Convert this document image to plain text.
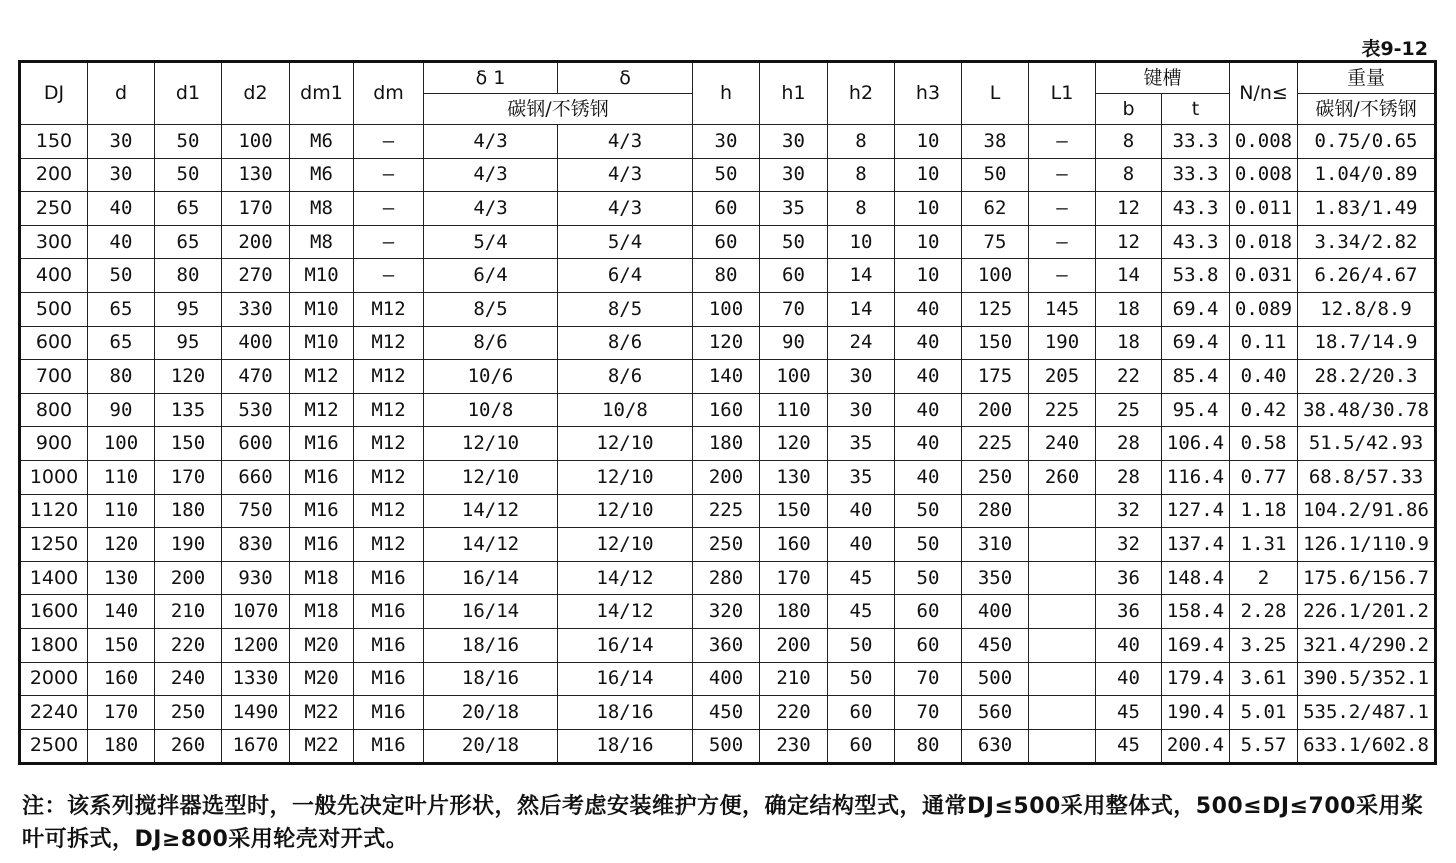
表9-12
DJ	d	d1	d2	dm1	dm	δ 1	δ	h	h1	h2	h3	L	L1	键槽		N/n≤	重量
						碳钢/不锈钢								b	t		碳钢/不锈钢
150	30	50	100	M6	–	4/3	4/3	30	30	8	10	38	–	8	33.3	0.008	0.75/0.65
200	30	50	130	M6	–	4/3	4/3	50	30	8	10	50	–	8	33.3	0.008	1.04/0.89
250	40	65	170	M8	–	4/3	4/3	60	35	8	10	62	–	12	43.3	0.011	1.83/1.49
300	40	65	200	M8	–	5/4	5/4	60	50	10	10	75	–	12	43.3	0.018	3.34/2.82
400	50	80	270	M10	–	6/4	6/4	80	60	14	10	100	–	14	53.8	0.031	6.26/4.67
500	65	95	330	M10	M12	8/5	8/5	100	70	14	40	125	145	18	69.4	0.089	12.8/8.9
600	65	95	400	M10	M12	8/6	8/6	120	90	24	40	150	190	18	69.4	0.11	18.7/14.9
700	80	120	470	M12	M12	10/6	8/6	140	100	30	40	175	205	22	85.4	0.40	28.2/20.3
800	90	135	530	M12	M12	10/8	10/8	160	110	30	40	200	225	25	95.4	0.42	38.48/30.78
900	100	150	600	M16	M12	12/10	12/10	180	120	35	40	225	240	28	106.4	0.58	51.5/42.93
1000	110	170	660	M16	M12	12/10	12/10	200	130	35	40	250	260	28	116.4	0.77	68.8/57.33
1120	110	180	750	M16	M12	14/12	12/10	225	150	40	50	280		32	127.4	1.18	104.2/91.86
1250	120	190	830	M16	M12	14/12	12/10	250	160	40	50	310		32	137.4	1.31	126.1/110.9
1400	130	200	930	M18	M16	16/14	14/12	280	170	45	50	350		36	148.4	2	175.6/156.7
1600	140	210	1070	M18	M16	16/14	14/12	320	180	45	60	400		36	158.4	2.28	226.1/201.2
1800	150	220	1200	M20	M16	18/16	16/14	360	200	50	60	450		40	169.4	3.25	321.4/290.2
2000	160	240	1330	M20	M16	18/16	16/14	400	210	50	70	500		40	179.4	3.61	390.5/352.1
2240	170	250	1490	M22	M16	20/18	18/16	450	220	60	70	560		45	190.4	5.01	535.2/487.1
2500	180	260	1670	M22	M16	20/18	18/16	500	230	60	80	630		45	200.4	5.57	633.1/602.8
注：该系列搅拌器选型时，一般先决定叶片形状，然后考虑安装维护方便，确定结构型式，通常DJ≤500采用整体式，500≤DJ≤700采用桨叶可拆式，DJ≥800采用轮壳对开式。
